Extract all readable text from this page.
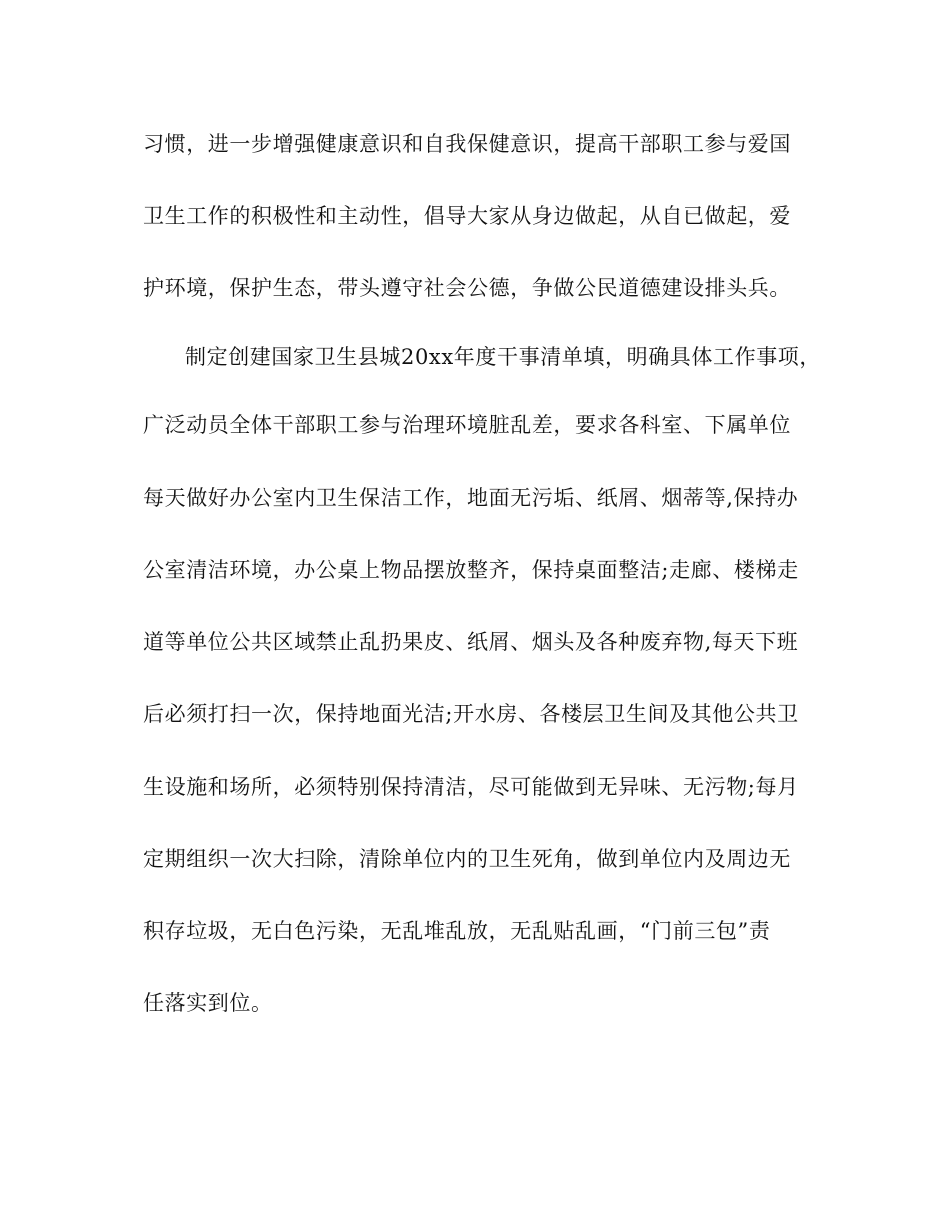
习惯，进一步增强健康意识和自我保健意识，提高干部职工参与爱国

卫生工作的积极性和主动性，倡导大家从身边做起，从自已做起，爱

护环境，保护生态，带头遵守社会公德，争做公民道德建设排头兵。

制定创建国家卫生县城20xx年度干事清单填，明确具体工作事项，

广泛动员全体干部职工参与治理环境脏乱差，要求各科室、下属单位

每天做好办公室内卫生保洁工作，地面无污垢、纸屑、烟蒂等,保持办

公室清洁环境，办公桌上物品摆放整齐，保持桌面整洁;走廊、楼梯走

道等单位公共区域禁止乱扔果皮、纸屑、烟头及各种废弃物,每天下班

后必须打扫一次，保持地面光洁;开水房、各楼层卫生间及其他公共卫

生设施和场所，必须特别保持清洁，尽可能做到无异味、无污物;每月

定期组织一次大扫除，清除单位内的卫生死角，做到单位内及周边无

积存垃圾，无白色污染，无乱堆乱放，无乱贴乱画，“门前三包”责

任落实到位。
